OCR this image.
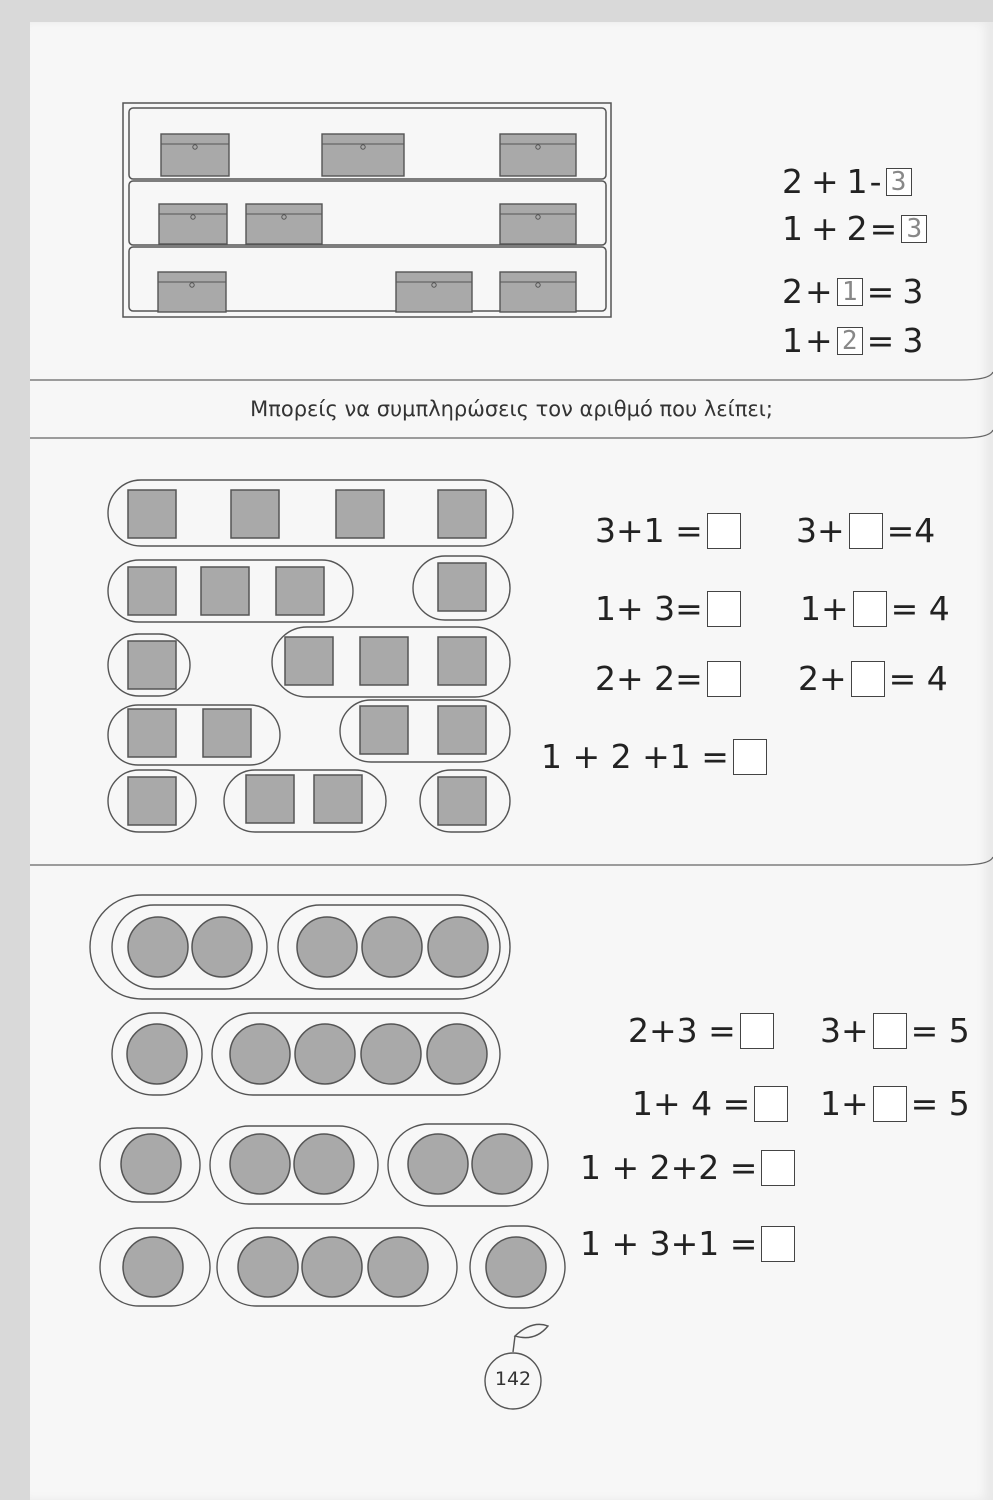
2 + 1 - 3
1 + 2 = 3
2 + 1 = 3
1 + 2 = 3
Μπορείς να συμπληρώσεις τον αριθμό που λείπει;
3+1 =
1+ 3=
2+ 2=
1 + 2 +1 =
3+ =4
1+ = 4
2+ = 4
2+3 =
1+ 4 =
1 + 2+2 =
1 + 3+1 =
3+ = 5
1+ = 5
142
